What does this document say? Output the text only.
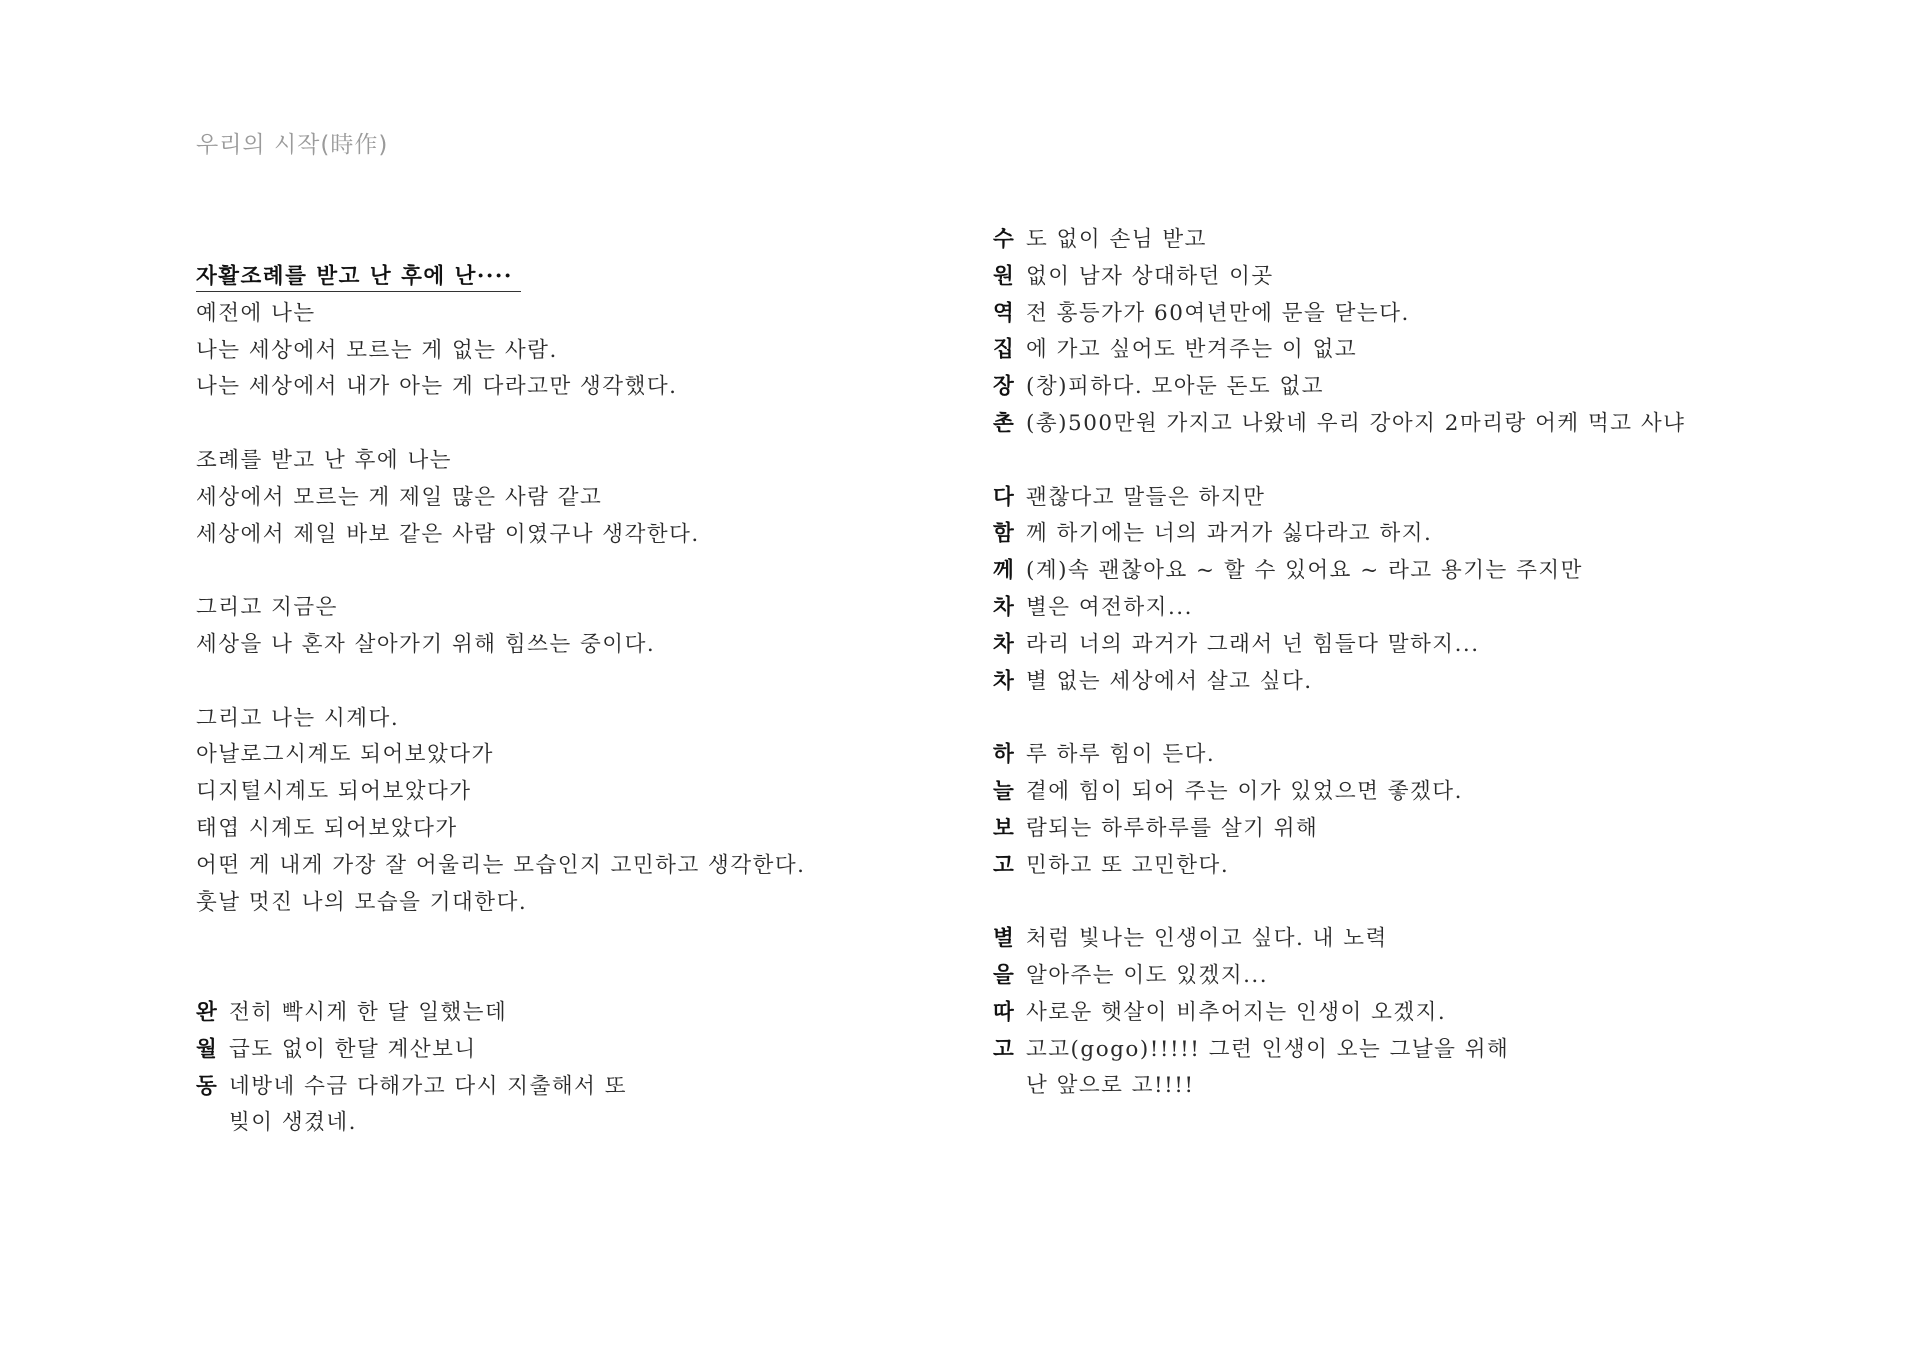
우리의 시작(時作)
자활조례를 받고 난 후에 난····
예전에 나는
나는 세상에서 모르는 게 없는 사람.
나는 세상에서 내가 아는 게 다라고만 생각했다.
조례를 받고 난 후에 나는
세상에서 모르는 게 제일 많은 사람 같고
세상에서 제일 바보 같은 사람 이였구나 생각한다.
그리고 지금은
세상을 나 혼자 살아가기 위해 힘쓰는 중이다.
그리고 나는 시계다.
아날로그시계도 되어보았다가
디지털시계도 되어보았다가
태엽 시계도 되어보았다가
어떤 게 내게 가장 잘 어울리는 모습인지 고민하고 생각한다.
훗날 멋진 나의 모습을 기대한다.
완 전히 빡시게 한 달 일했는데
월 급도 없이 한달 계산보니
동 네방네 수금 다해가고 다시 지출해서 또
빚이 생겼네.
수 도 없이 손님 받고
원 없이 남자 상대하던 이곳
역 전 홍등가가 60여년만에 문을 닫는다.
집 에 가고 싶어도 반겨주는 이 없고
장 (창)피하다. 모아둔 돈도 없고
촌 (총)500만원 가지고 나왔네 우리 강아지 2마리랑 어케 먹고 사냐
다 괜찮다고 말들은 하지만
함 께 하기에는 너의 과거가 싫다라고 하지.
께 (계)속 괜찮아요 ~ 할 수 있어요 ~ 라고 용기는 주지만
차 별은 여전하지...
차 라리 너의 과거가 그래서 넌 힘들다 말하지...
차 별 없는 세상에서 살고 싶다.
하 루 하루 힘이 든다.
늘 곁에 힘이 되어 주는 이가 있었으면 좋겠다.
보 람되는 하루하루를 살기 위해
고 민하고 또 고민한다.
별 처럼 빛나는 인생이고 싶다. 내 노력
을 알아주는 이도 있겠지...
따 사로운 햇살이 비추어지는 인생이 오겠지.
고 고고(gogo)!!!!! 그런 인생이 오는 그날을 위해
난 앞으로 고!!!!
